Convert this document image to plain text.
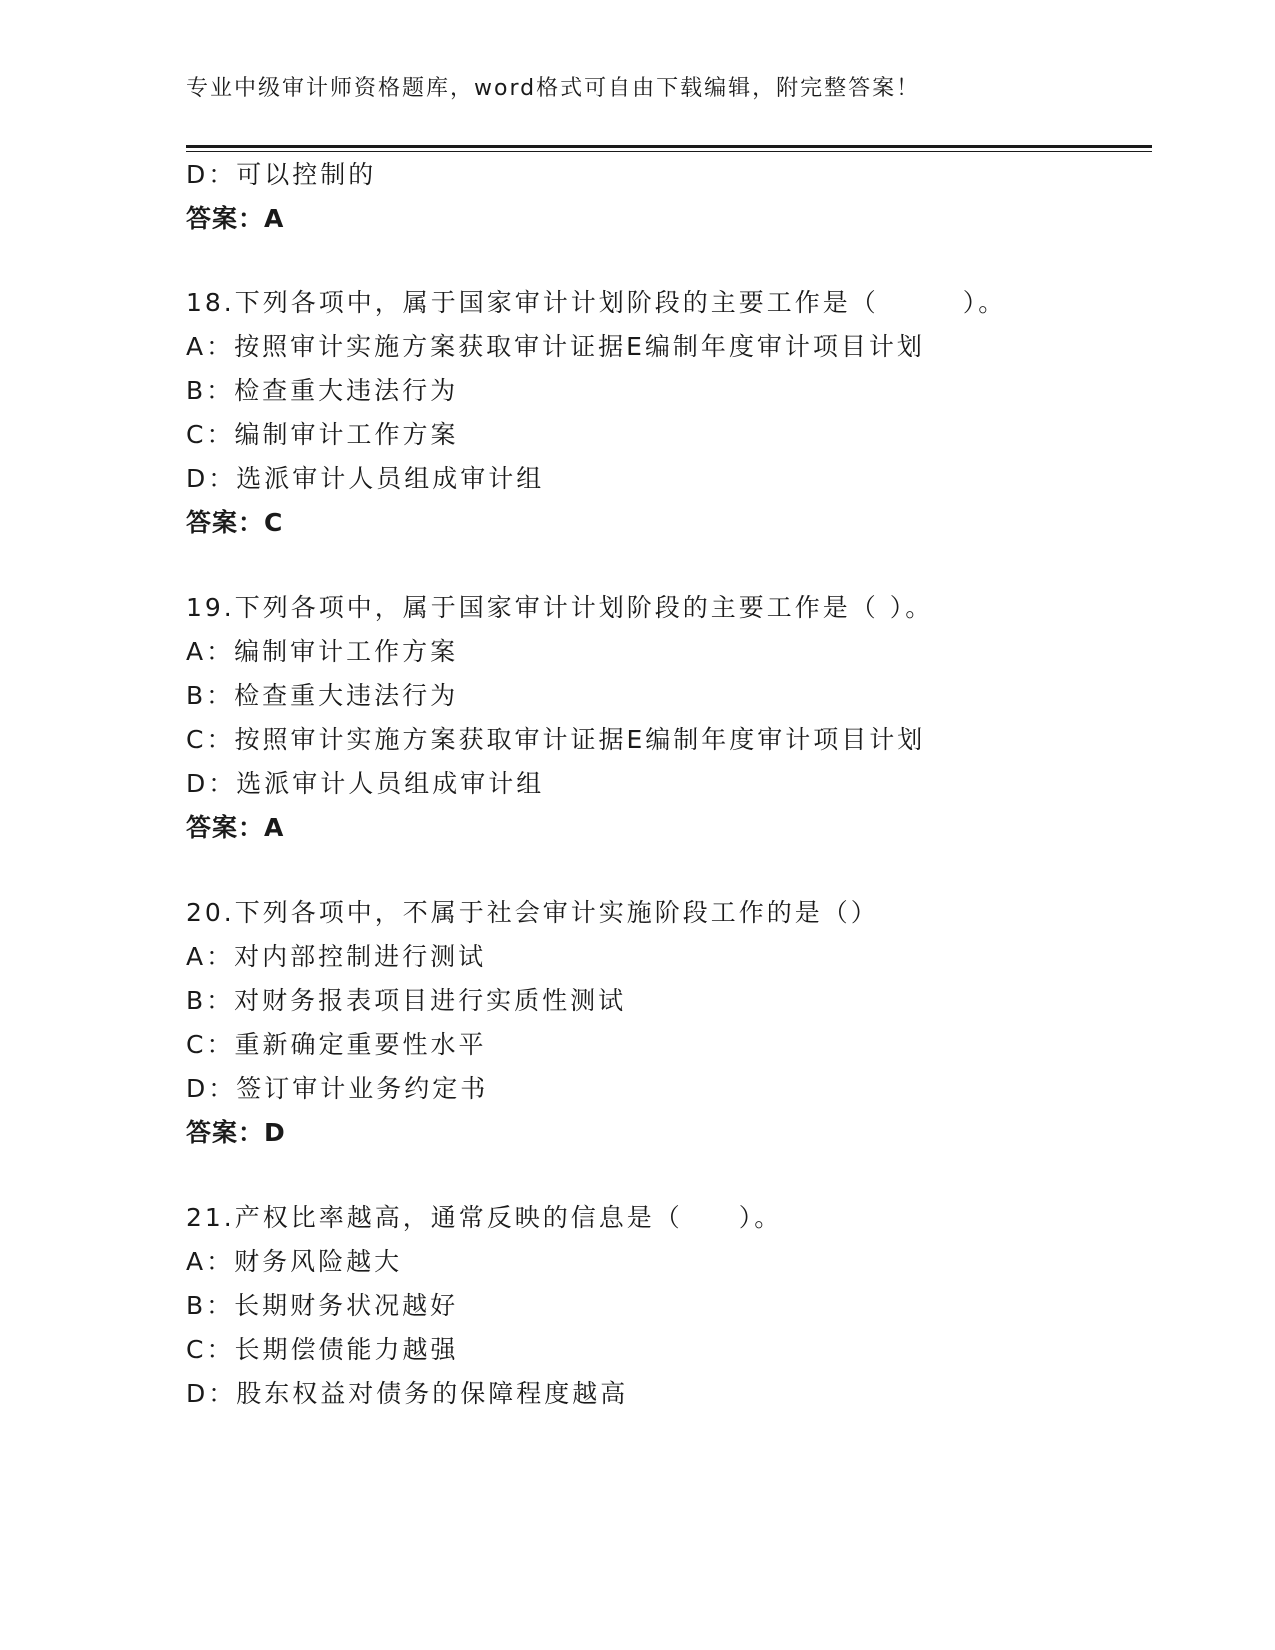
专业中级审计师资格题库，word格式可自由下载编辑，附完整答案！
D：可以控制的
答案：A
18.下列各项中，属于国家审计计划阶段的主要工作是（　　　）。
A：按照审计实施方案获取审计证据E编制年度审计项目计划
B：检查重大违法行为
C：编制审计工作方案
D：选派审计人员组成审计组
答案：C
19.下列各项中，属于国家审计计划阶段的主要工作是（ ）。
A：编制审计工作方案
B：检查重大违法行为
C：按照审计实施方案获取审计证据E编制年度审计项目计划
D：选派审计人员组成审计组
答案：A
20.下列各项中，不属于社会审计实施阶段工作的是（）
A：对内部控制进行测试
B：对财务报表项目进行实质性测试
C：重新确定重要性水平
D：签订审计业务约定书
答案：D
21.产权比率越高，通常反映的信息是（　　）。
A：财务风险越大
B：长期财务状况越好
C：长期偿债能力越强
D：股东权益对债务的保障程度越高
